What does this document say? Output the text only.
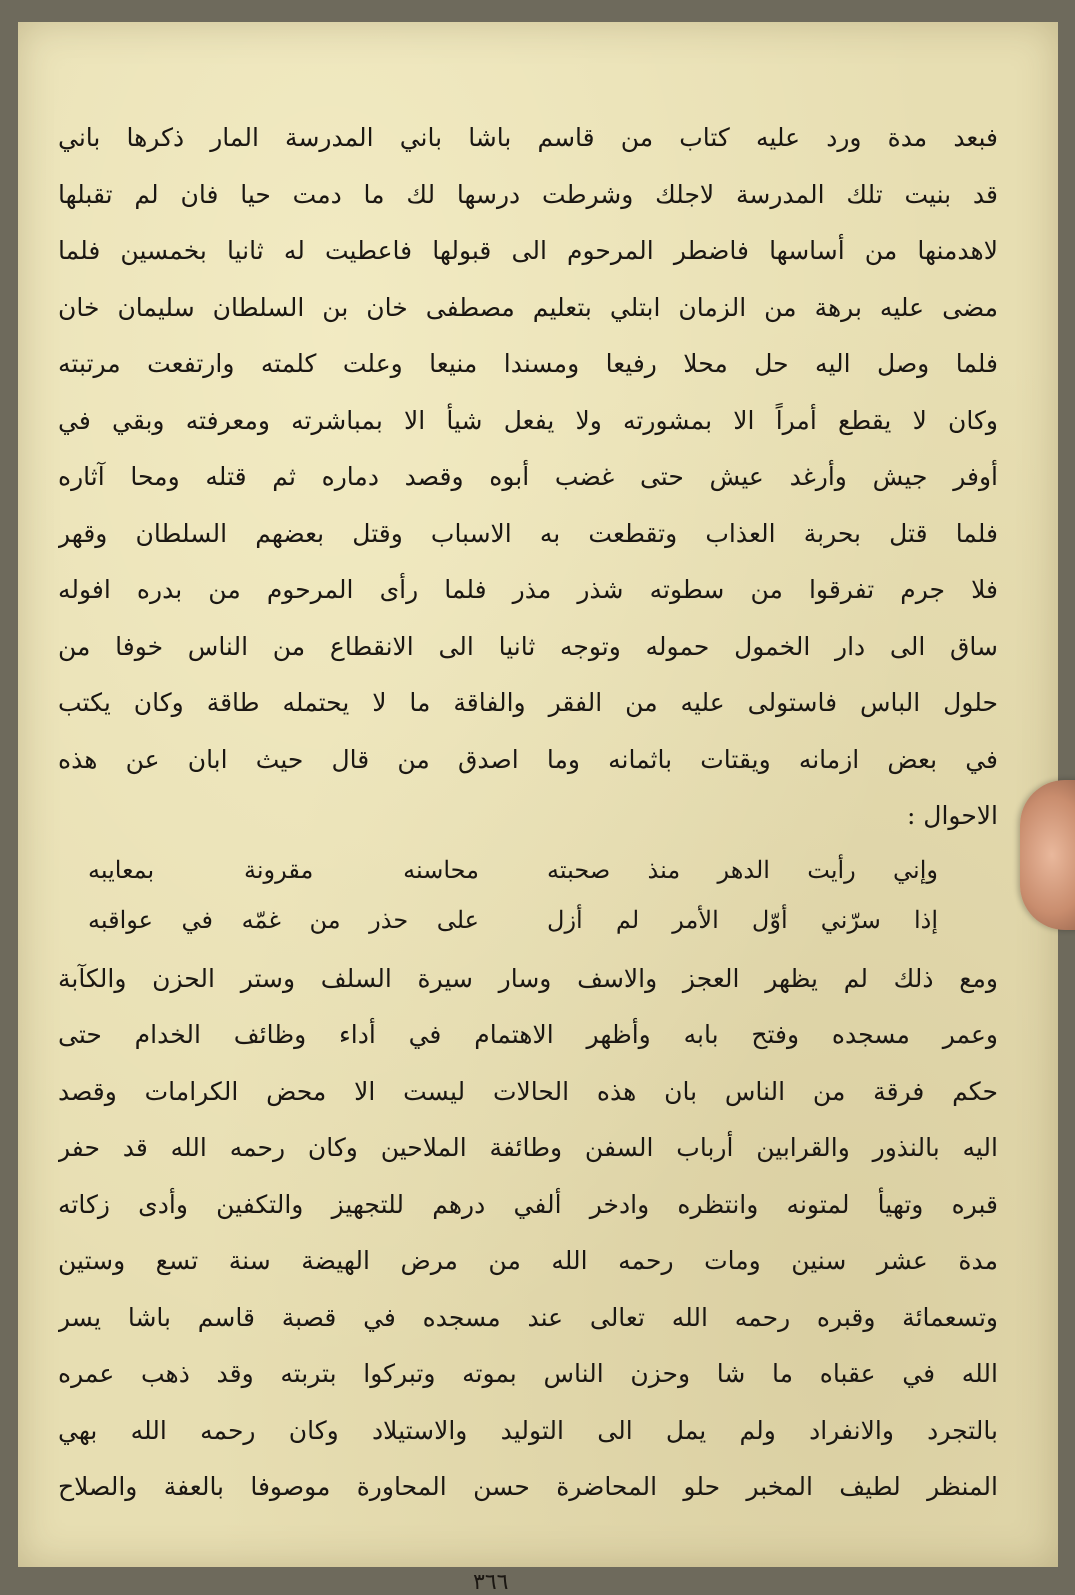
فبعد مدة ورد عليه كتاب من قاسم باشا باني المدرسة المار ذكرها باني
قد بنيت تلك المدرسة لاجلك وشرطت درسها لك ما دمت حيا فان لم تقبلها
لاهدمنها من أساسها فاضطر المرحوم الى قبولها فاعطيت له ثانيا بخمسين فلما
مضى عليه برهة من الزمان ابتلي بتعليم مصطفى خان بن السلطان سليمان خان
فلما وصل اليه حل محلا رفيعا ومسندا منيعا وعلت كلمته وارتفعت مرتبته
وكان لا يقطع أمراً الا بمشورته ولا يفعل شيأ الا بمباشرته ومعرفته وبقي في
أوفر جيش وأرغد عيش حتى غضب أبوه وقصد دماره ثم قتله ومحا آثاره
فلما قتل بحربة العذاب وتقطعت به الاسباب وقتل بعضهم السلطان وقهر
فلا جرم تفرقوا من سطوته شذر مذر فلما رأى المرحوم من بدره افوله
ساق الى دار الخمول حموله وتوجه ثانيا الى الانقطاع من الناس خوفا من
حلول الباس فاستولى عليه من الفقر والفاقة ما لا يحتمله طاقة وكان يكتب
في بعض ازمانه ويقتات باثمانه وما اصدق من قال حيث ابان عن هذه
الاحوال :
وإني رأيت الدهر منذ صحبته
محاسنه مقرونة بمعايبه
إذا سرّني أوّل الأمر لم أزل
على حذر من غمّه في عواقبه
ومع ذلك لم يظهر العجز والاسف وسار سيرة السلف وستر الحزن والكآبة
وعمر مسجده وفتح بابه وأظهر الاهتمام في أداء وظائف الخدام حتى
حكم فرقة من الناس بان هذه الحالات ليست الا محض الكرامات وقصد
اليه بالنذور والقرابين أرباب السفن وطائفة الملاحين وكان رحمه الله قد حفر
قبره وتهيأ لمتونه وانتظره وادخر ألفي درهم للتجهيز والتكفين وأدى زكاته
مدة عشر سنين ومات رحمه الله من مرض الهيضة سنة تسع وستين
وتسعمائة وقبره رحمه الله تعالى عند مسجده في قصبة قاسم باشا يسر
الله في عقباه ما شا وحزن الناس بموته وتبركوا بتربته وقد ذهب عمره
بالتجرد والانفراد ولم يمل الى التوليد والاستيلاد وكان رحمه الله بهي
المنظر لطيف المخبر حلو المحاضرة حسن المحاورة موصوفا بالعفة والصلاح
٣٦٦
